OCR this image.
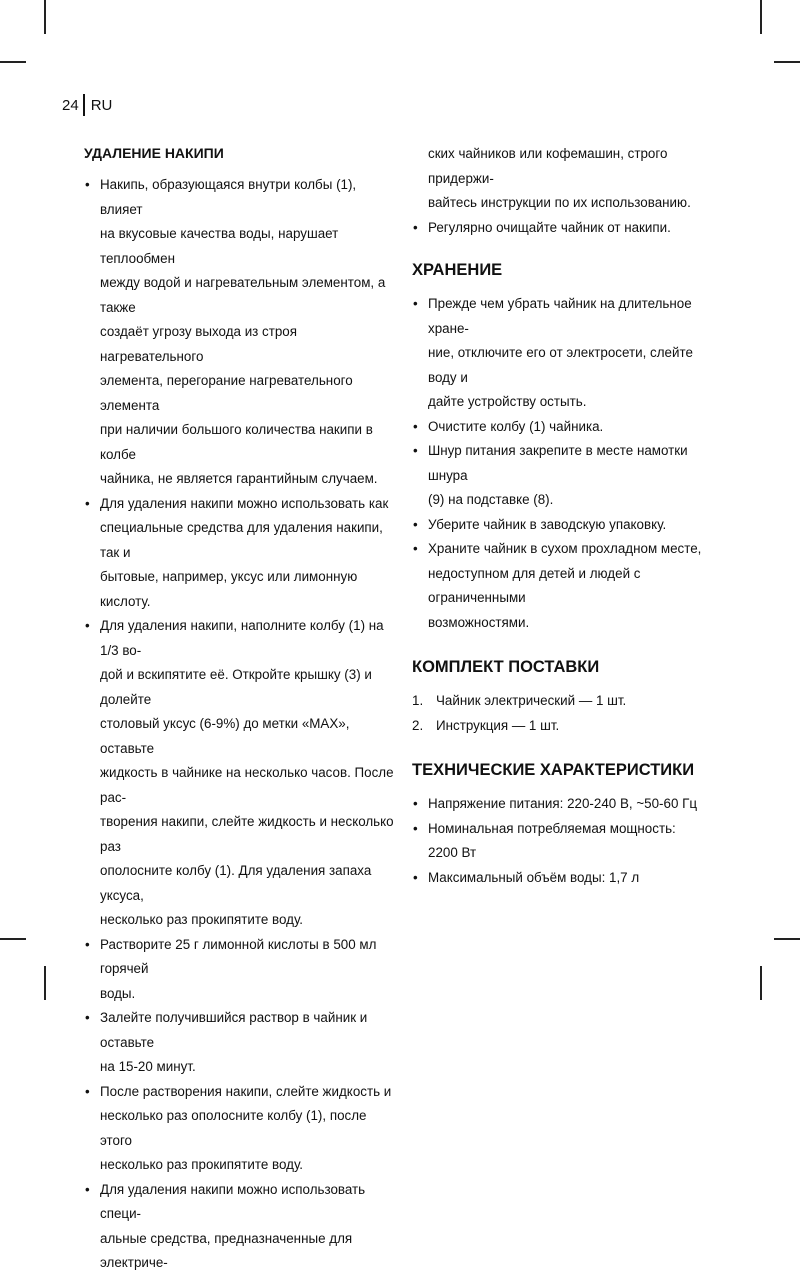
24 RU
УДАЛЕНИЕ НАКИПИ
• Накипь, образующаяся внутри колбы (1), влияет
на вкусовые качества воды, нарушает теплообмен
между водой и нагревательным элементом, а также
создаёт угрозу выхода из строя нагревательного
элемента, перегорание нагревательного элемента
при наличии большого количества накипи в колбе
чайника, не является гарантийным случаем.
• Для удаления накипи можно использовать как
специальные средства для удаления накипи, так и
бытовые, например, уксус или лимонную кислоту.
• Для удаления накипи, наполните колбу (1) на 1/3 во-
дой и вскипятите её. Откройте крышку (3) и долейте
столовый уксус (6-9%) до метки «MAX», оставьте
жидкость в чайнике на несколько часов. После рас-
творения накипи, слейте жидкость и несколько раз
ополосните колбу (1). Для удаления запаха уксуса,
несколько раз прокипятите воду.
• Растворите 25 г лимонной кислоты в 500 мл горячей
воды.
• Залейте получившийся раствор в чайник и оставьте
на 15-20 минут.
• После растворения накипи, слейте жидкость и
несколько раз ополосните колбу (1), после этого
несколько раз прокипятите воду.
• Для удаления накипи можно использовать специ-
альные средства, предназначенные для электриче-
ских чайников или кофемашин, строго придержи-
вайтесь инструкции по их использованию.
• Регулярно очищайте чайник от накипи.
ХРАНЕНИЕ
• Прежде чем убрать чайник на длительное хране-
ние, отключите его от электросети, слейте воду и
дайте устройству остыть.
• Очистите колбу (1) чайника.
• Шнур питания закрепите в месте намотки шнура
(9) на подставке (8).
• Уберите чайник в заводскую упаковку.
• Храните чайник в сухом прохладном месте,
недоступном для детей и людей с ограниченными
возможностями.
КОМПЛЕКТ ПОСТАВКИ
1. Чайник электрический — 1 шт.
2. Инструкция — 1 шт.
ТЕХНИЧЕСКИЕ ХАРАКТЕРИСТИКИ
• Напряжение питания: 220-240 В, ~50-60 Гц
• Номинальная потребляемая мощность:
2200 Вт
• Максимальный объём воды: 1,7 л
